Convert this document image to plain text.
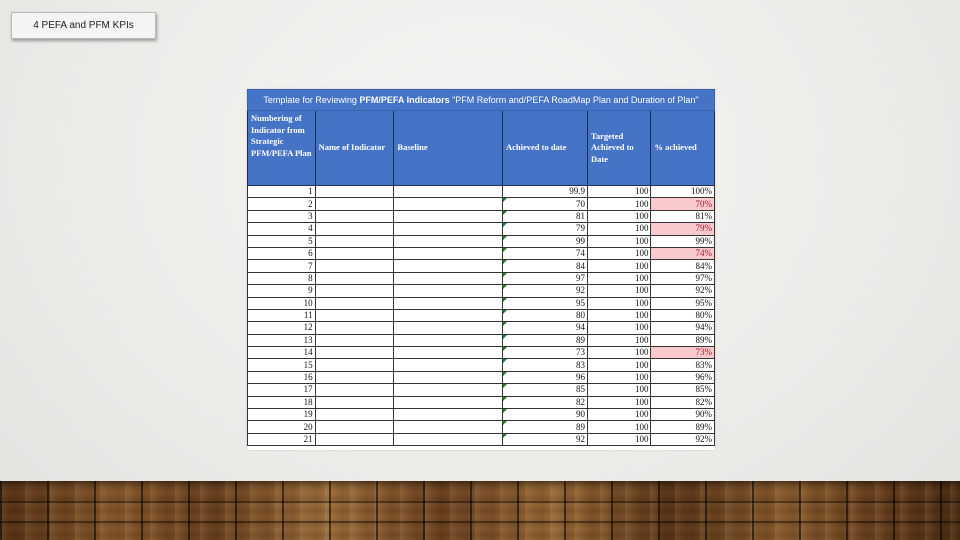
4 PEFA and PFM KPIs
Template for Reviewing PFM/PEFA Indicators "PFM Reform and/PEFA RoadMap Plan and Duration of Plan"					
Numbering of Indicator from Strategic PFM/PEFA Plan	Name of Indicator	Baseline	Achieved to date	Targeted Achieved to Date	% achieved
1			99.9	100	100%
2			70	100	70%
3			81	100	81%
4			79	100	79%
5			99	100	99%
6			74	100	74%
7			84	100	84%
8			97	100	97%
9			92	100	92%
10			95	100	95%
11			80	100	80%
12			94	100	94%
13			89	100	89%
14			73	100	73%
15			83	100	83%
16			96	100	96%
17			85	100	85%
18			82	100	82%
19			90	100	90%
20			89	100	89%
21			92	100	92%
